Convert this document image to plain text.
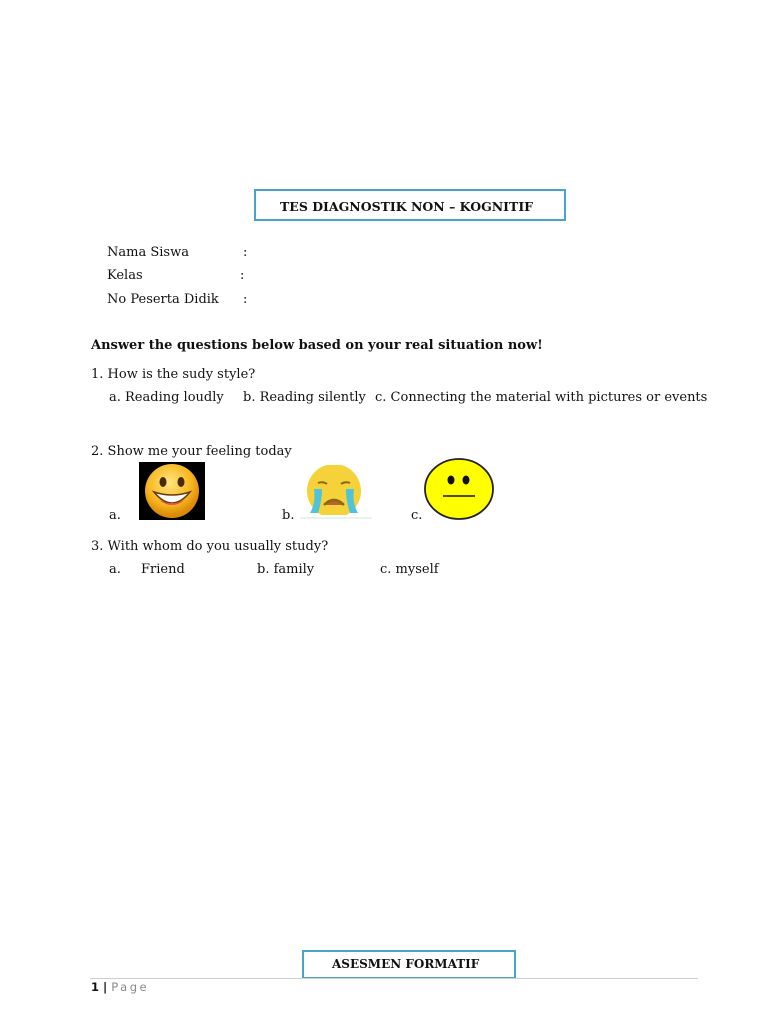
TES DIAGNOSTIK NON – KOGNITIF
Nama Siswa	:
Kelas	:
No Peserta Didik :
Answer the questions below based on your real situation now!
1. How is the sudy style?
a. Reading loudly b. Reading silently c. Connecting the material with pictures or events
2. Show me your feeling today
a.	b.	c.
3. With whom do you usually study?
a. Friend	b. family	c. myself
ASESMEN FORMATIF
1 | Page
